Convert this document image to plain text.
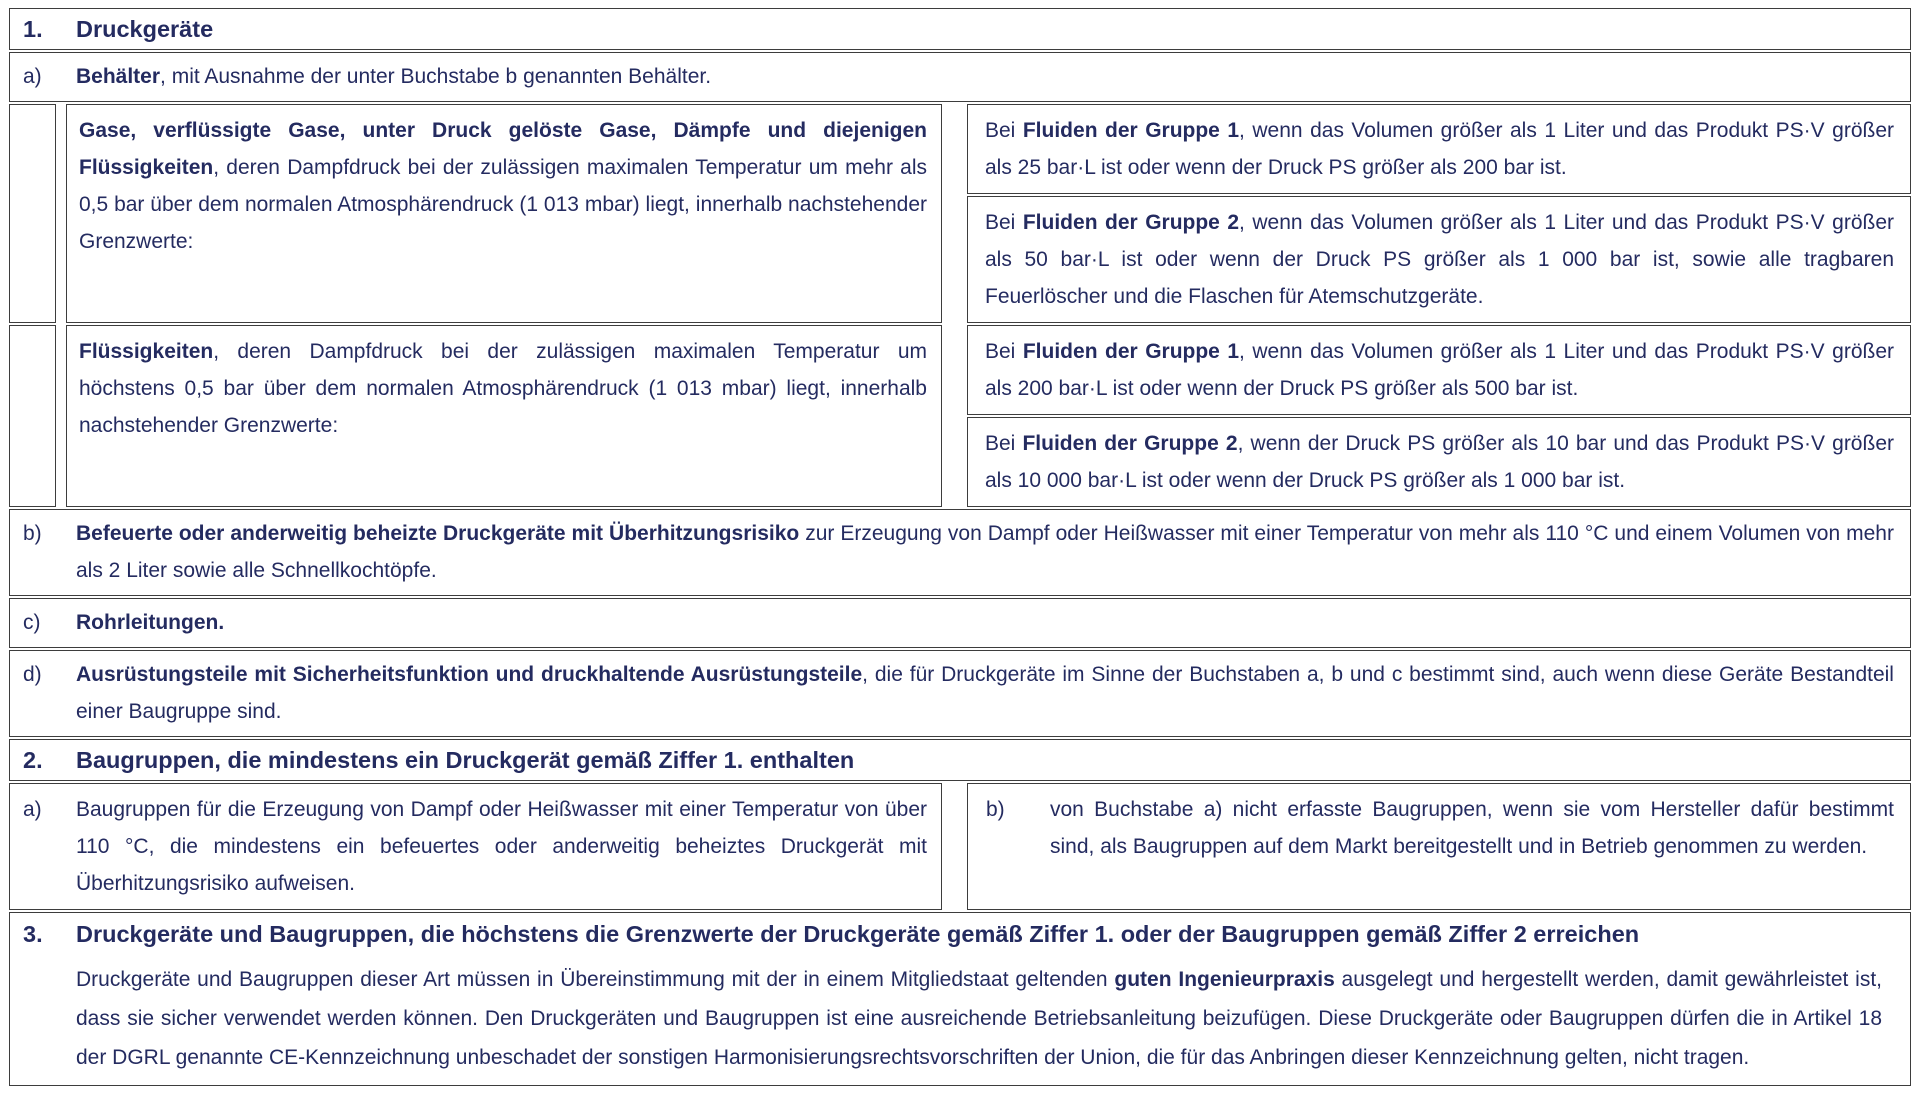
1.	Druckgeräte
a)	Behälter, mit Ausnahme der unter Buchstabe b genannten Behälter.
Gase, verflüssigte Gase, unter Druck gelöste Gase, Dämpfe und diejenigen Flüssigkeiten, deren Dampfdruck bei der zulässigen maximalen Temperatur um mehr als 0,5 bar über dem normalen Atmosphärendruck (1 013 mbar) liegt, innerhalb nachstehender Grenzwerte:
Bei Fluiden der Gruppe 1, wenn das Volumen größer als 1 Liter und das Produkt PS·V größer als 25 bar·L ist oder wenn der Druck PS größer als 200 bar ist.
Bei Fluiden der Gruppe 2, wenn das Volumen größer als 1 Liter und das Produkt PS·V größer als 50 bar·L ist oder wenn der Druck PS größer als 1 000 bar ist, sowie alle tragbaren Feuerlöscher und die Flaschen für Atemschutzgeräte.
Flüssigkeiten, deren Dampfdruck bei der zulässigen maximalen Temperatur um höchstens 0,5 bar über dem normalen Atmosphärendruck (1 013 mbar) liegt, innerhalb nachstehender Grenzwerte:
Bei Fluiden der Gruppe 1, wenn das Volumen größer als 1 Liter und das Produkt PS·V größer als 200 bar·L ist oder wenn der Druck PS größer als 500 bar ist.
Bei Fluiden der Gruppe 2, wenn der Druck PS größer als 10 bar und das Produkt PS·V größer als 10 000 bar·L ist oder wenn der Druck PS größer als 1 000 bar ist.
b)	Befeuerte oder anderweitig beheizte Druckgeräte mit Überhitzungsrisiko zur Erzeugung von Dampf oder Heißwasser mit einer Temperatur von mehr als 110 °C und einem Volumen von mehr als 2 Liter sowie alle Schnellkochtöpfe.
c)	Rohrleitungen.
d)	Ausrüstungsteile mit Sicherheitsfunktion und druckhaltende Ausrüstungsteile, die für Druckgeräte im Sinne der Buchstaben a, b und c bestimmt sind, auch wenn diese Geräte Bestandteil einer Baugruppe sind.
2.	Baugruppen, die mindestens ein Druckgerät gemäß Ziffer 1. enthalten
a)	Baugruppen für die Erzeugung von Dampf oder Heißwasser mit einer Temperatur von über 110 °C, die mindestens ein befeuertes oder anderweitig beheiztes Druckgerät mit Überhitzungsrisiko aufweisen.
b)	von Buchstabe a) nicht erfasste Baugruppen, wenn sie vom Hersteller dafür bestimmt sind, als Baugruppen auf dem Markt bereitgestellt und in Betrieb genommen zu werden.
3.	Druckgeräte und Baugruppen, die höchstens die Grenzwerte der Druckgeräte gemäß Ziffer 1. oder der Baugruppen gemäß Ziffer 2 erreichen
Druckgeräte und Baugruppen dieser Art müssen in Übereinstimmung mit der in einem Mitgliedstaat geltenden guten Ingenieurpraxis ausgelegt und hergestellt werden, damit gewährleistet ist, dass sie sicher verwendet werden können. Den Druckgeräten und Baugruppen ist eine ausreichende Betriebsanleitung beizufügen. Diese Druckgeräte oder Baugruppen dürfen die in Artikel 18 der DGRL genannte CE-Kennzeichnung unbeschadet der sonstigen Harmonisierungsrechtsvorschriften der Union, die für das Anbringen dieser Kennzeichnung gelten, nicht tragen.
